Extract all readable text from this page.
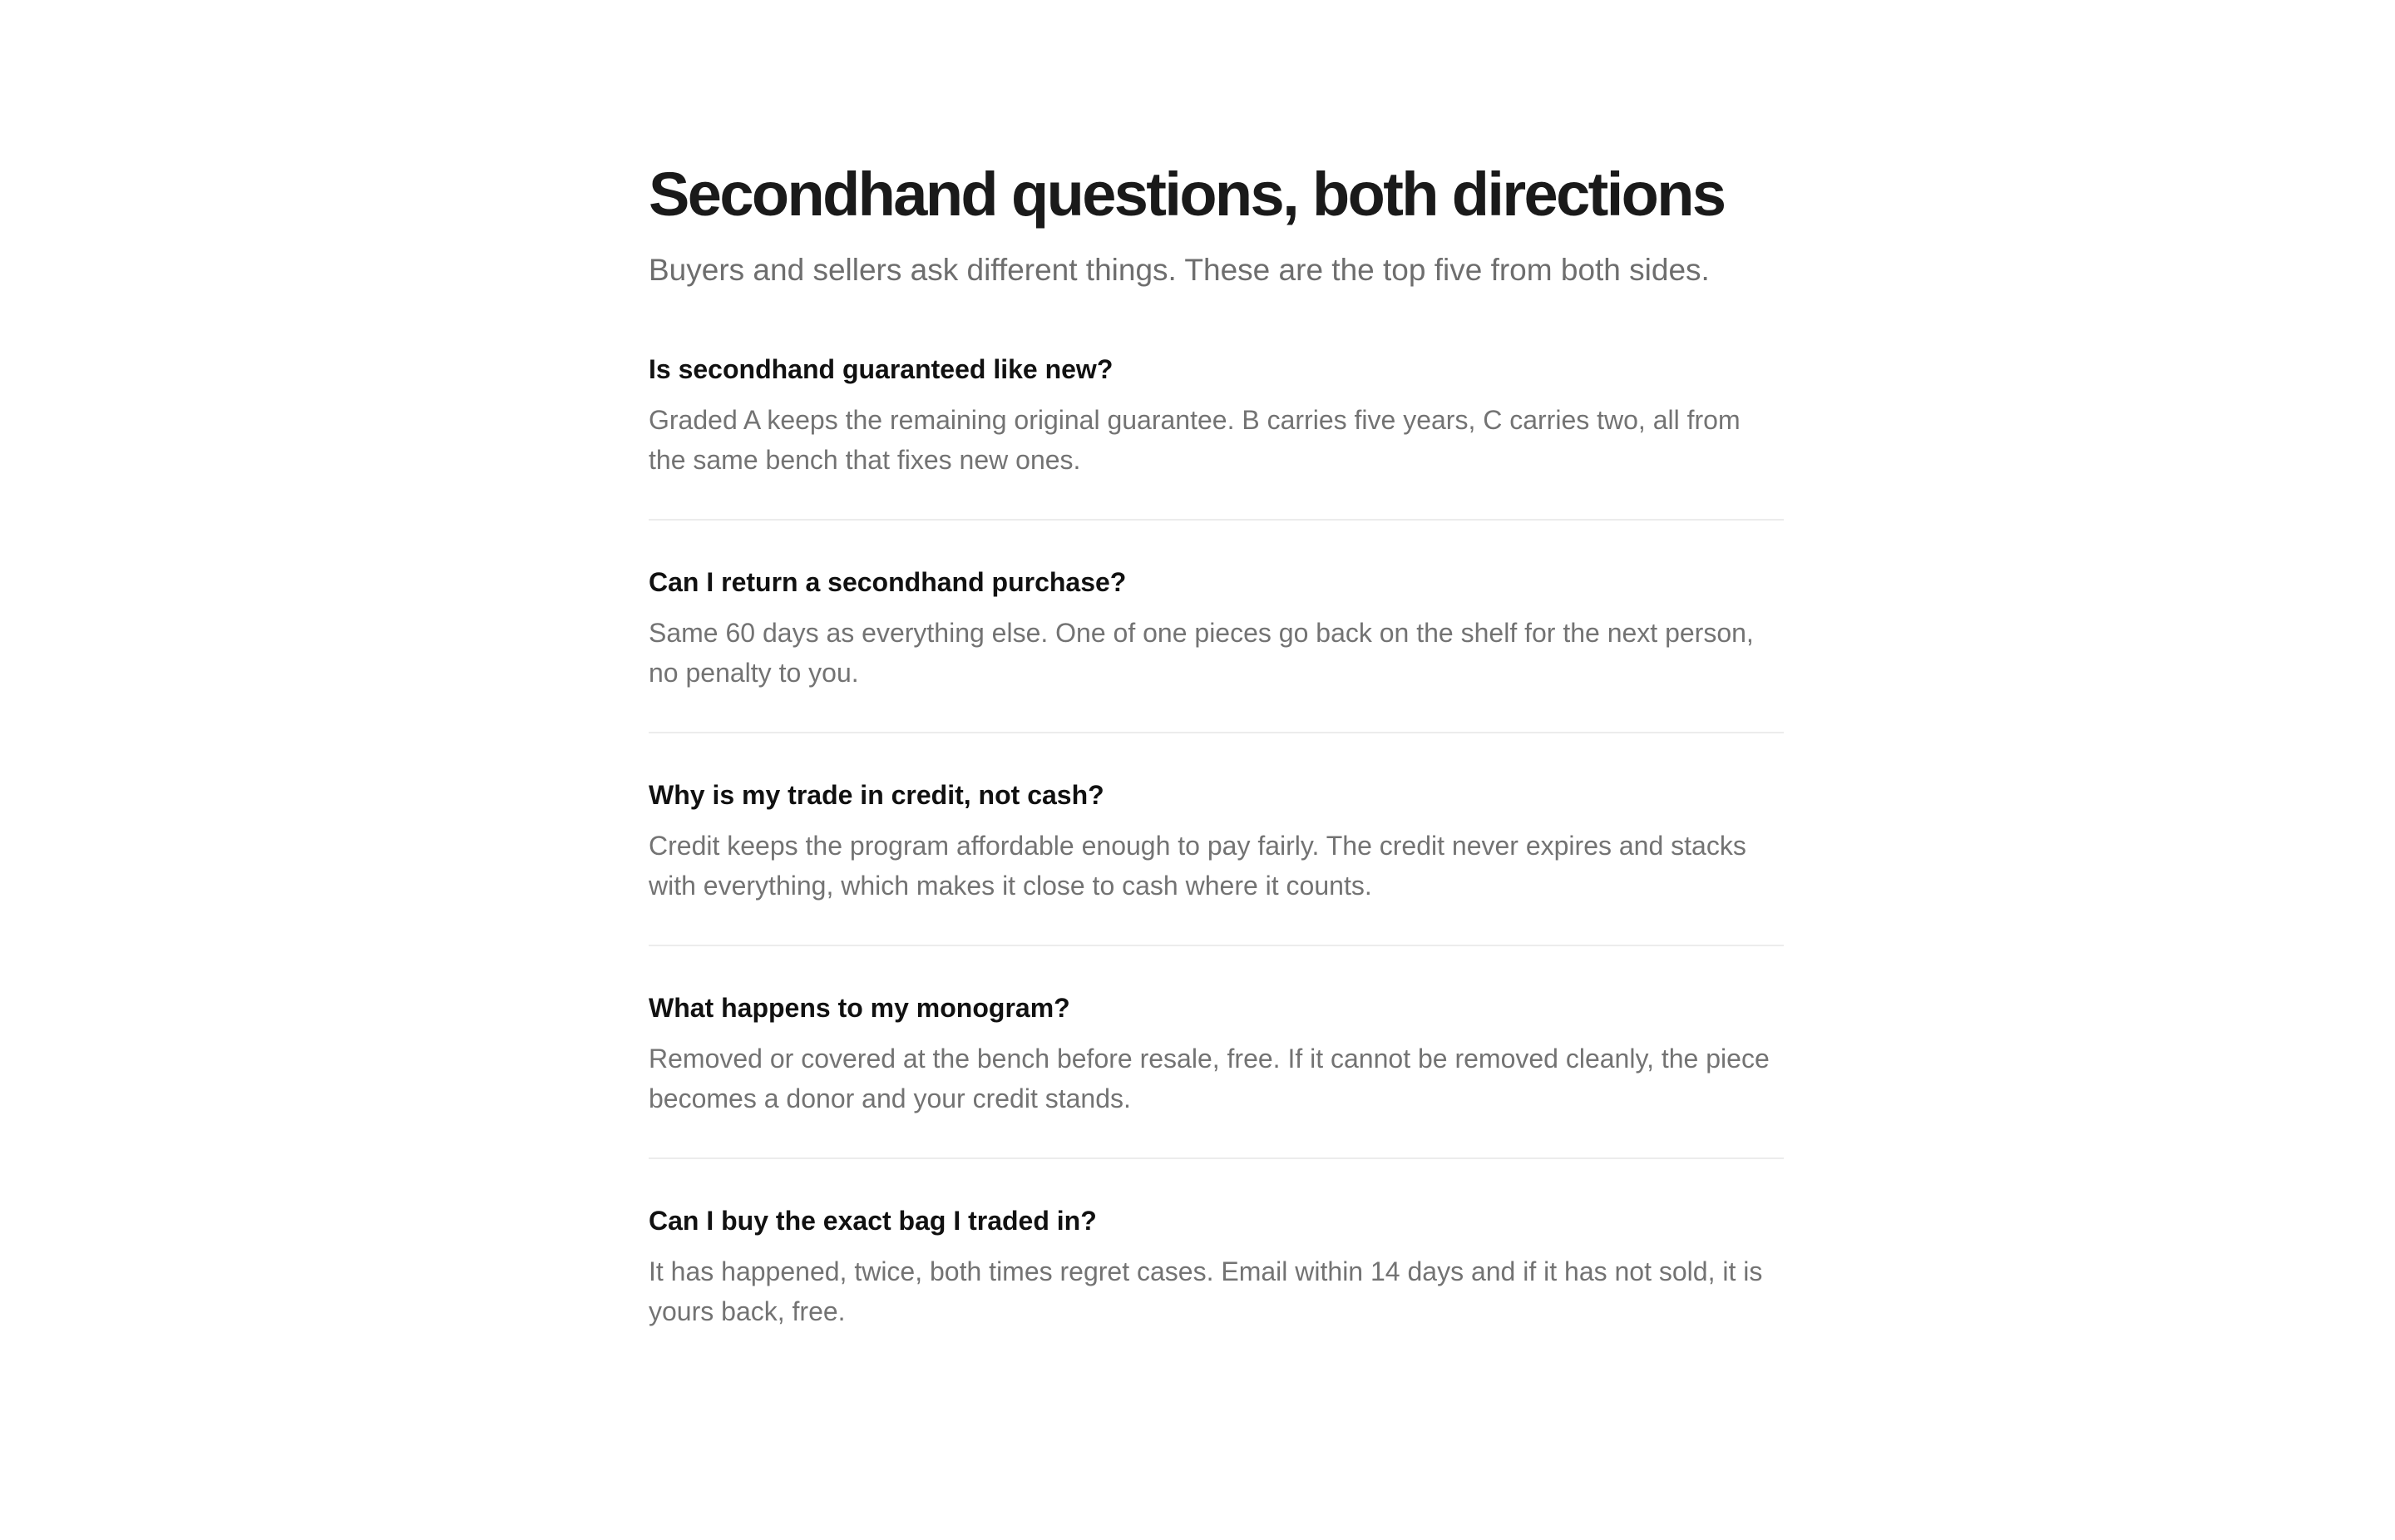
Secondhand questions, both directions

Buyers and sellers ask different things. These are the top five from both sides.

Is secondhand guaranteed like new?

Graded A keeps the remaining original guarantee. B carries five years, C carries two, all from the same bench that fixes new ones.

Can I return a secondhand purchase?

Same 60 days as everything else. One of one pieces go back on the shelf for the next person, no penalty to you.

Why is my trade in credit, not cash?

Credit keeps the program affordable enough to pay fairly. The credit never expires and stacks with everything, which makes it close to cash where it counts.

What happens to my monogram?

Removed or covered at the bench before resale, free. If it cannot be removed cleanly, the piece becomes a donor and your credit stands.

Can I buy the exact bag I traded in?

It has happened, twice, both times regret cases. Email within 14 days and if it has not sold, it is yours back, free.
